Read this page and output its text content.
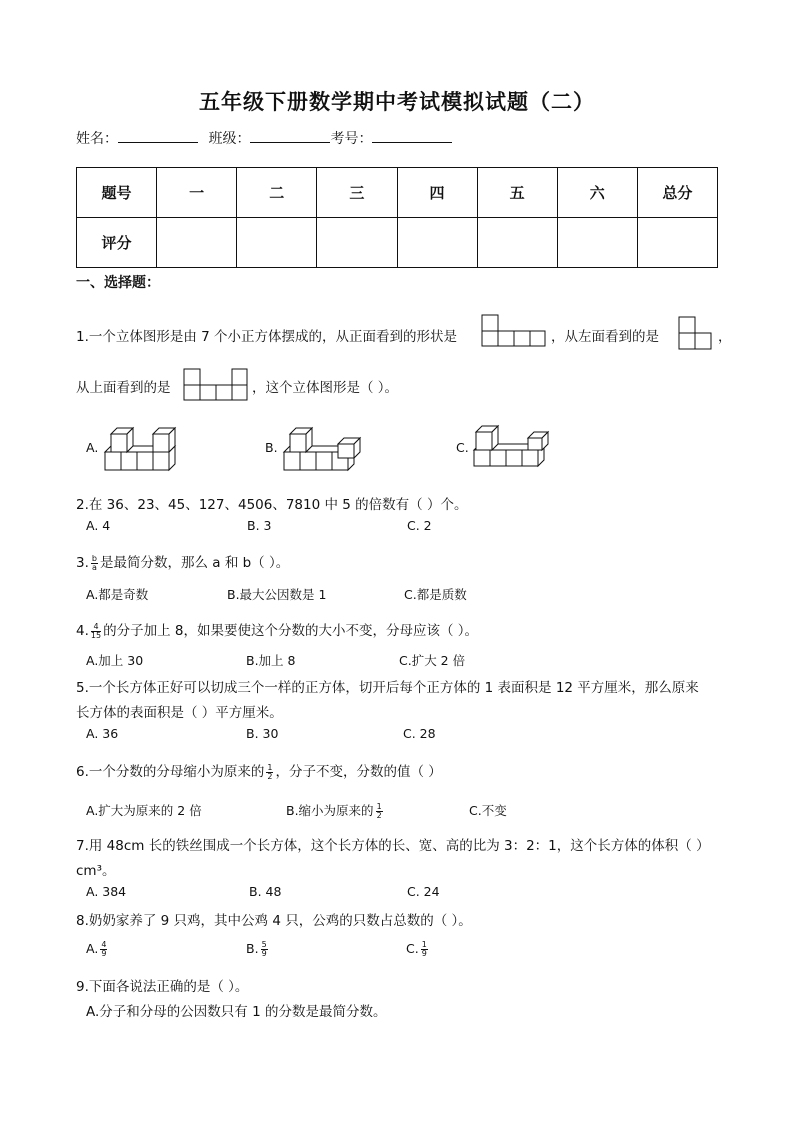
五年级下册数学期中考试模拟试题（二）
姓名：	班级：	考号：
题号	一	二	三	四	五	六	总分
评分							
一、选择题：
1.一个立体图形是由 7 个小正方体摆成的，从正面看到的形状是	，从左面看到的是	，
从上面看到的是	，这个立体图形是（ ）。
A.	B.	C.
2.在 36、23、45、127、4506、7810 中 5 的倍数有（ ）个。
A. 4	B. 3	C. 2
3. $\frac{b}{a}$ 是最简分数，那么 a 和 b（ ）。
A.都是奇数	B.最大公因数是 1	C.都是质数
4. $\frac{4}{15}$ 的分子加上 8，如果要使这个分数的大小不变，分母应该（ ）。
A.加上 30	B.加上 8	C.扩大 2 倍
5.一个长方体正好可以切成三个一样的正方体，切开后每个正方体的 1 表面积是 12 平方厘米，那么原来
长方体的表面积是（ ）平方厘米。
A. 36	B. 30	C. 28
6.一个分数的分母缩小为原来的 $\frac{1}{2}$ ，分子不变，分数的值（ ）
A.扩大为原来的 2 倍	B.缩小为原来的 $\frac{1}{2}$	C.不变
7.用 48cm 长的铁丝围成一个长方体，这个长方体的长、宽、高的比为 3：2：1，这个长方体的体积（ ）
cm³。
A. 384	B. 48	C. 24
8.奶奶家养了 9 只鸡，其中公鸡 4 只，公鸡的只数占总数的（ ）。
A. $\frac{4}{9}$	B. $\frac{5}{9}$	C. $\frac{1}{9}$
9.下面各说法正确的是（ ）。
A.分子和分母的公因数只有 1 的分数是最简分数。
